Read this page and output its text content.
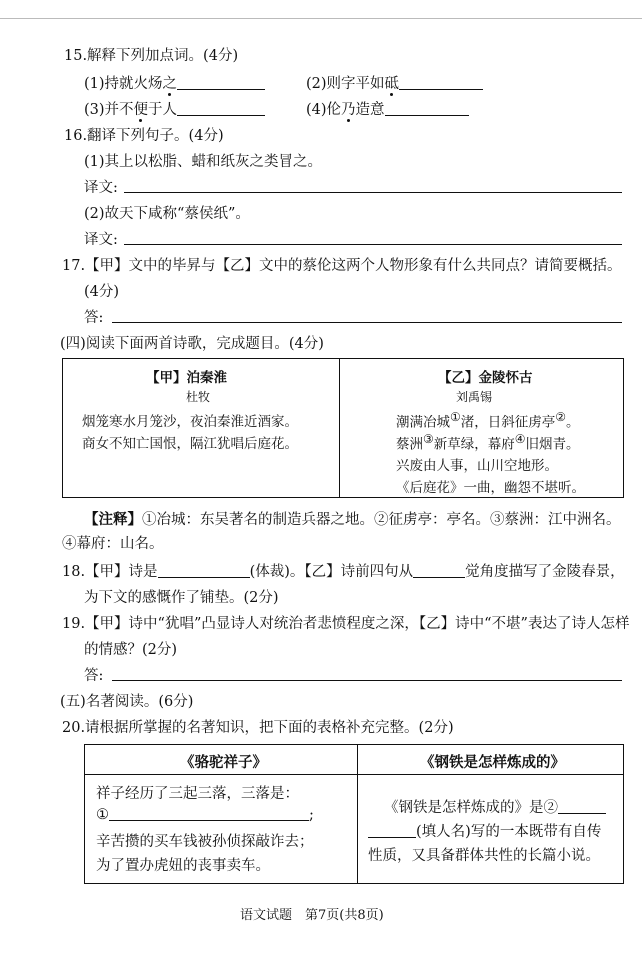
15.解释下列加点词。(4分)
(1)持就火炀之	(2)则字平如砥
(3)并不便于人	(4)伦乃造意
16.翻译下列句子。(4分)
(1)其上以松脂、蜡和纸灰之类冒之。
译文:
(2)故天下咸称“蔡侯纸”。
译文:
17.【甲】文中的毕昇与【乙】文中的蔡伦这两个人物形象有什么共同点？请简要概括。
(4分)
答:
(四)阅读下面两首诗歌，完成题目。(4分)
【甲】泊秦淮
杜牧
烟笼寒水月笼沙，夜泊秦淮近酒家。
商女不知亡国恨，隔江犹唱后庭花。
【乙】金陵怀古
刘禹锡
潮满冶城①渚，日斜征虏亭②。
蔡洲③新草绿，幕府④旧烟青。
兴废由人事，山川空地形。
《后庭花》一曲，幽怨不堪听。
【注释】①冶城：东吴著名的制造兵器之地。②征虏亭：亭名。③蔡洲：江中洲名。
④幕府：山名。
18.【甲】诗是	(体裁)。【乙】诗前四句从	觉角度描写了金陵春景，
为下文的感慨作了铺垫。(2分)
19.【甲】诗中“犹唱”凸显诗人对统治者悲愤程度之深，【乙】诗中“不堪”表达了诗人怎样
的情感？(2分)
答:
(五)名著阅读。(6分)
20.请根据所掌握的名著知识，把下面的表格补充完整。(2分)
《骆驼祥子》	《钢铁是怎样炼成的》
祥子经历了三起三落，三落是：
①	;
辛苦攒的买车钱被孙侦探敲诈去；
为了置办虎妞的丧事卖车。
《钢铁是怎样炼成的》是②
(填人名)写的一本既带有自传
性质，又具备群体共性的长篇小说。
语文试题　第7页(共8页)
